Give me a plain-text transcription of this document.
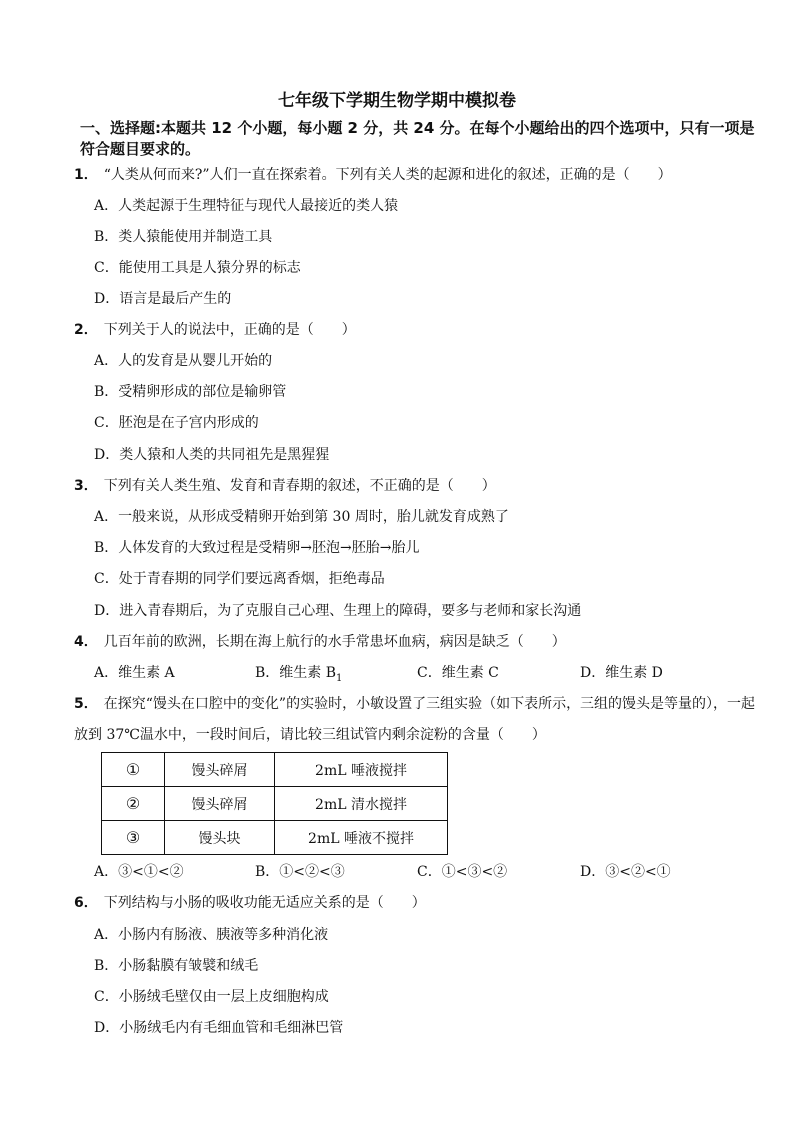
七年级下学期生物学期中模拟卷
一、选择题:本题共 12 个小题，每小题 2 分，共 24 分。在每个小题给出的四个选项中，只有一项是符合题目要求的。
1． “人类从何而来?”人们一直在探索着。下列有关人类的起源和进化的叙述，正确的是（　　）
A．人类起源于生理特征与现代人最接近的类人猿
B．类人猿能使用并制造工具
C．能使用工具是人猿分界的标志
D．语言是最后产生的
2． 下列关于人的说法中，正确的是（　　）
A．人的发育是从婴儿开始的
B．受精卵形成的部位是输卵管
C．胚泡是在子宫内形成的
D．类人猿和人类的共同祖先是黑猩猩
3． 下列有关人类生殖、发育和青春期的叙述，不正确的是（　　）
A．一般来说，从形成受精卵开始到第 30 周时，胎儿就发育成熟了
B．人体发育的大致过程是受精卵→胚泡→胚胎→胎儿
C．处于青春期的同学们要远离香烟，拒绝毒品
D．进入青春期后，为了克服自己心理、生理上的障碍，要多与老师和家长沟通
4． 几百年前的欧洲，长期在海上航行的水手常患坏血病，病因是缺乏（　　）
A．维生素 A	B．维生素 $B_1$	C．维生素 C	D．维生素 D
5． 在探究“馒头在口腔中的变化”的实验时，小敏设置了三组实验（如下表所示，三组的馒头是等量的），一起放到 37℃温水中，一段时间后，请比较三组试管内剩余淀粉的含量（　　）
①	馒头碎屑	2mL 唾液搅拌
②	馒头碎屑	2mL 清水搅拌
③	馒头块	2mL 唾液不搅拌
A．③<①<②	B．①<②<③	C．①<③<②	D．③<②<①
6． 下列结构与小肠的吸收功能无适应关系的是（　　）
A．小肠内有肠液、胰液等多种消化液
B．小肠黏膜有皱襞和绒毛
C．小肠绒毛壁仅由一层上皮细胞构成
D．小肠绒毛内有毛细血管和毛细淋巴管
